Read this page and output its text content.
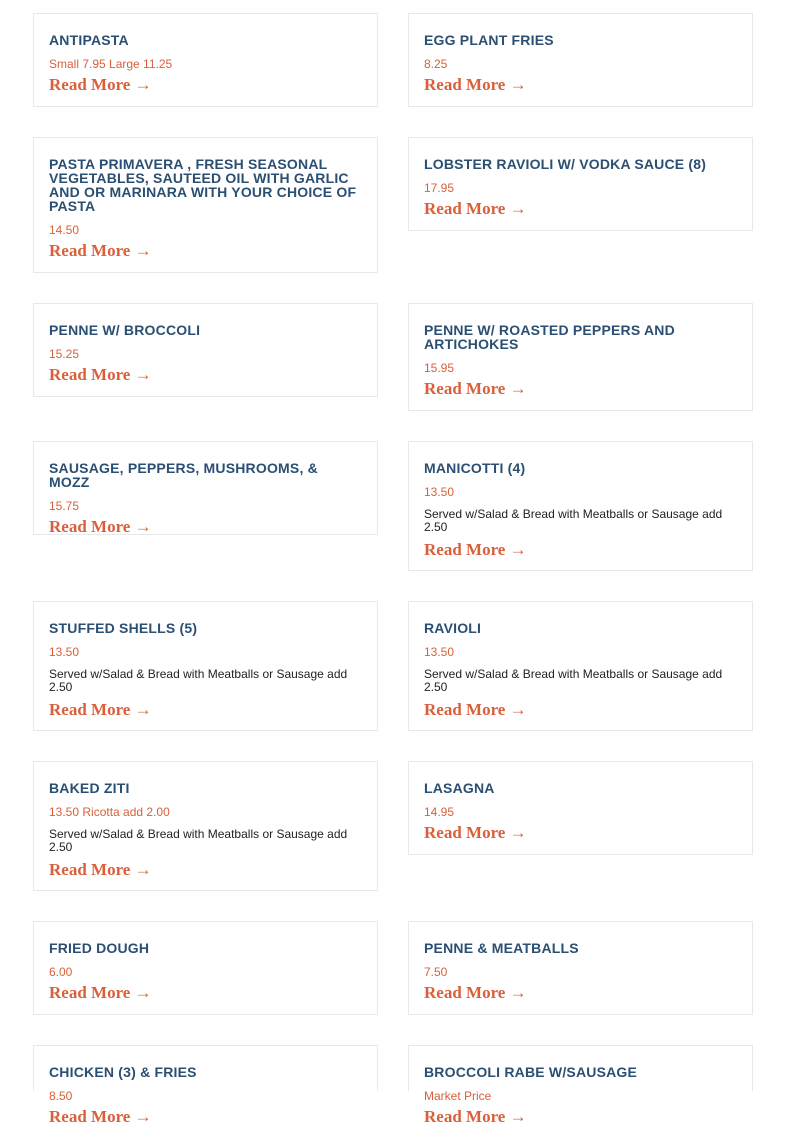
ANTIPASTA
Small 7.95 Large 11.25
Read More →
EGG PLANT FRIES
8.25
Read More →
PASTA PRIMAVERA , FRESH SEASONAL VEGETABLES, SAUTEED OIL WITH GARLIC AND OR MARINARA WITH YOUR CHOICE OF PASTA
14.50
Read More →
LOBSTER RAVIOLI W/ VODKA SAUCE (8)
17.95
Read More →
PENNE W/ BROCCOLI
15.25
Read More →
PENNE W/ ROASTED PEPPERS AND ARTICHOKES
15.95
Read More →
SAUSAGE, PEPPERS, MUSHROOMS, & MOZZ
15.75
Read More →
MANICOTTI (4)
13.50
Served w/Salad & Bread with Meatballs or Sausage add 2.50
Read More →
STUFFED SHELLS (5)
13.50
Served w/Salad & Bread with Meatballs or Sausage add 2.50
Read More →
RAVIOLI
13.50
Served w/Salad & Bread with Meatballs or Sausage add 2.50
Read More →
BAKED ZITI
13.50 Ricotta add 2.00
Served w/Salad & Bread with Meatballs or Sausage add 2.50
Read More →
LASAGNA
14.95
Read More →
FRIED DOUGH
6.00
Read More →
PENNE & MEATBALLS
7.50
Read More →
CHICKEN (3) & FRIES
8.50
Read More →
BROCCOLI RABE W/SAUSAGE
Market Price
Read More →
